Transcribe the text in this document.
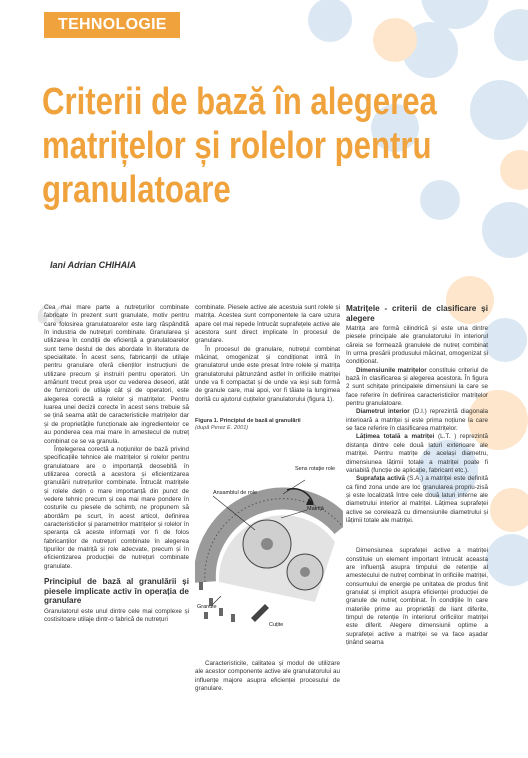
TEHNOLOGIE
Criterii de bază în alegerea matrițelor și rolelor pentru granulatoare
Iani Adrian CHIHAIA
“

Cea mai mare parte a nutrețurilor combinate fabricate în prezent sunt granulate, motiv pentru care folosirea granulatoarelor este larg răspândită în industria de nutrețuri combinate. Granularea și utilizarea în condiții de eficiență a granulatoarelor sunt teme destul de des abordate în literatura de specialitate. În acest sens, fabricanții de utilaje pentru granulare oferă clienților instrucțiuni de utilizare precum și instruiri pentru operatori. Un amănunt trecut prea ușor cu vederea deseori, atât de furnizorii de utilaje cât și de operatori, este alegerea corectă a rolelor și matrițelor. Pentru luarea unei decizii corecte în acest sens trebuie să se țină seama atât de caracteristicile matrițelor dar și de proprietățile funcționale ale ingredientelor ce au ponderea cea mai mare în amestecul de nutreț combinat ce se va granula.

Înțelegerea corectă a noțiunilor de bază privind specificațiile tehnice ale matrițelor și rolelor pentru granulatoare are o importanță deosebită în utilizarea corectă a acestora și eficientizarea granulării nutrețurilor combinate. Întrucât matrițele și rolele dețin o mare importanță din punct de vedere tehnic precum și cea mai mare pondere în costurile cu piesele de schimb, ne propunem să abordăm pe scurt, în acest articol, definirea caracteristicilor și parametrilor matrițelor și rolelor în speranța că aceste informații vor fi de folos fabricanților de nutrețuri combinate în alegerea tipurilor de matriță și role adecvate, precum și în eficientizarea producției de nutrețuri combinate granulate.

Principiul de bază al granulării și piesele implicate activ în operația de granulare

Granulatorul este unul dintre cele mai complexe și costisitoare utilaje dintr-o fabrică de nutrețuri

combinate. Piesele active ale acestuia sunt rolele și matrița. Acestea sunt componentele la care uzura apare cel mai repede întrucât suprafețele active ale acestora sunt direct implicate în procesul de granulare.

În procesul de granulare, nutrețul combinat măcinat, omogenizat și condiționat intră în granulatorul unde este presat între rolele și matrița granulatorului pătrunzând astfel în orificiile matriței unde va fi compactat și de unde va ieși sub formă de granule care, mai apoi, vor fi tăiate la lungimea dorită cu ajutorul cuțitelor granulatorului (figura 1).

Figura 1. Principiul de bază al granulării
(după Perez E. 2001)
Sens rotație role
Ansamblul de role
Matriță
Granule
Cuțite

Caracteristicile, calitatea și modul de utilizare ale acestor componente active ale granulatorului au influențe majore asupra eficienței procesului de granulare.

Matrițele - criterii de clasificare și alegere

Matrița are formă cilindrică și este una dintre piesele principale ale granulatorului în interiorul căreia se formează granulele de nutreț combinat în urma presării produsului măcinat, omogenizat și condiționat.

Dimensiunile matrițelor constituie criteriul de bază în clasificarea și alegerea acestora. În figura 2 sunt schițate principalele dimensiuni la care se face referire în definirea caracteristicilor matrițelor pentru granulatoare.

Diametrul interior (D.I.) reprezintă diagonala interioară a matriței și este prima noțiune la care se face referire în clasificarea matrițelor.

Lățimea totală a matriței (L.T. ) reprezintă distanța dintre cele două laturi exterioare ale matriței. Pentru matrițe de același diametru, dimensiunea lățimii totale a matriței poate fi variabilă (funcție de aplicație, fabricant etc.).

Suprafața activă (S.A.) a matriței este definită ca fiind zona unde are loc granularea propriu-zisă și este localizată între cele două laturi interne ale diametrului interior al matriței. Lățimea suprafeței active se corelează cu dimensiunile diametrului și lățimii totale ale matriței.

Dimensiunea suprafeței active a matriței constituie un element important întrucât aceasta are influență asupra timpului de retenție al amestecului de nutreț combinat în orificiile matriței, consumului de energie pe unitatea de produs finit granulat și implicit asupra eficienței producției de granule de nutreț combinat. În condițiile în care materiile prime au proprietăți de liant diferite, timpul de retenție în interiorul orificiilor matriței este diferit. Alegere dimensiunii optime a suprafeței active a matriței se va face așadar ținând seama
